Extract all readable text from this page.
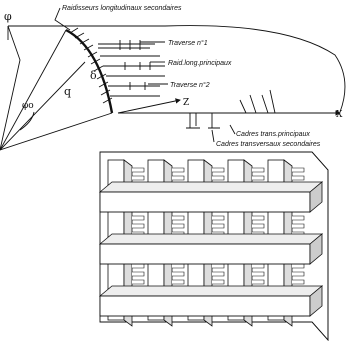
φ
φo
q
δ
Z
X
Raidisseurs longitudinaux secondaires
Traverse n°1
Raid.long.principaux
Traverse n°2
Cadres trans.principaux
Cadres transversaux secondaires
